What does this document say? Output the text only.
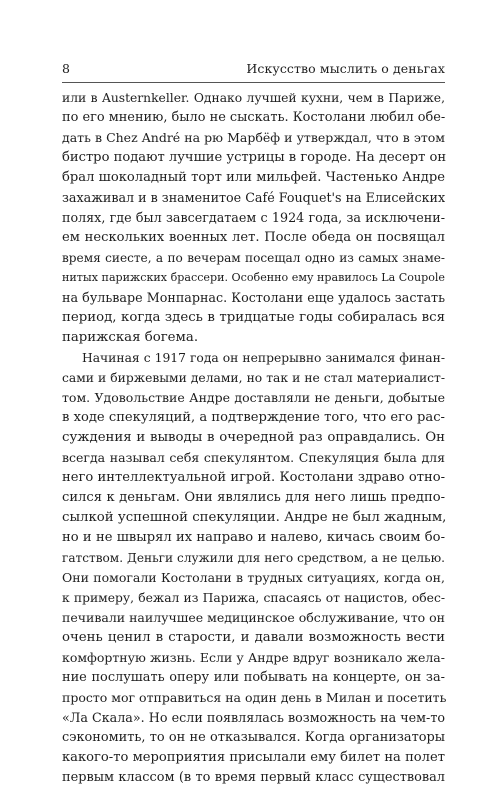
8	Искусство мыслить о деньгах
или в Austernkeller. Однако лучшей кухни, чем в Париже,
по его мнению, было не сыскать. Костолани любил обе-
дать в Chez André на рю Марбёф и утверждал, что в этом
бистро подают лучшие устрицы в городе. На десерт он
брал шоколадный торт или мильфей. Частенько Андре
захаживал и в знаменитое Café Fouquet's на Елисейских
полях, где был завсегдатаем с 1924 года, за исключени-
ем нескольких военных лет. После обеда он посвящал
время сиесте, а по вечерам посещал одно из самых знаме-
нитых парижских брассери. Особенно ему нравилось La Coupole
на бульваре Монпарнас. Костолани еще удалось застать
период, когда здесь в тридцатые годы собиралась вся
парижская богема.
Начиная с 1917 года он непрерывно занимался финан-
сами и биржевыми делами, но так и не стал материалист-
том. Удовольствие Андре доставляли не деньги, добытые
в ходе спекуляций, а подтверждение того, что его рас-
суждения и выводы в очередной раз оправдались. Он
всегда называл себя спекулянтом. Спекуляция была для
него интеллектуальной игрой. Костолани здраво отно-
сился к деньгам. Они являлись для него лишь предпо-
сылкой успешной спекуляции. Андре не был жадным,
но и не швырял их направо и налево, кичась своим бо-
гатством. Деньги служили для него средством, а не целью.
Они помогали Костолани в трудных ситуациях, когда он,
к примеру, бежал из Парижа, спасаясь от нацистов, обес-
печивали наилучшее медицинское обслуживание, что он
очень ценил в старости, и давали возможность вести
комфортную жизнь. Если у Андре вдруг возникало жела-
ние послушать оперу или побывать на концерте, он за-
просто мог отправиться на один день в Милан и посетить
«Ла Скала». Но если появлялась возможность на чем-то
сэкономить, то он не отказывался. Когда организаторы
какого-то мероприятия присылали ему билет на полет
первым классом (в то время первый класс существовал
